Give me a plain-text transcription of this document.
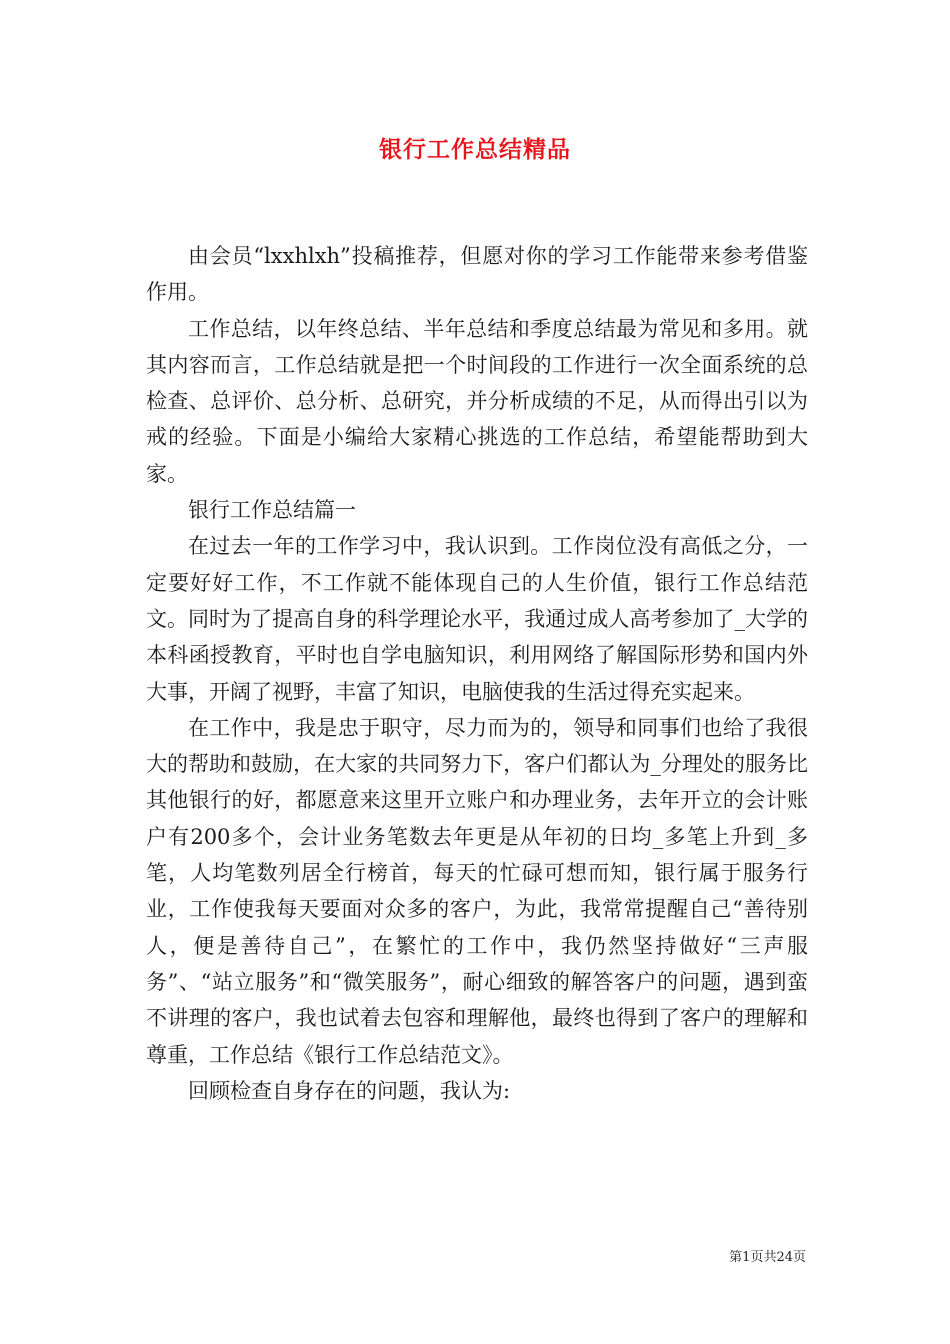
银行工作总结精品

由会员“lxxhlxh”投稿推荐，但愿对你的学习工作能带来参考借鉴作用。

工作总结，以年终总结、半年总结和季度总结最为常见和多用。就其内容而言，工作总结就是把一个时间段的工作进行一次全面系统的总检查、总评价、总分析、总研究，并分析成绩的不足，从而得出引以为戒的经验。下面是小编给大家精心挑选的工作总结，希望能帮助到大家。

银行工作总结篇一

在过去一年的工作学习中，我认识到。工作岗位没有高低之分，一定要好好工作，不工作就不能体现自己的人生价值，银行工作总结范文。同时为了提高自身的科学理论水平，我通过成人高考参加了_大学的本科函授教育，平时也自学电脑知识，利用网络了解国际形势和国内外大事，开阔了视野，丰富了知识，电脑使我的生活过得充实起来。

在工作中，我是忠于职守，尽力而为的，领导和同事们也给了我很大的帮助和鼓励，在大家的共同努力下，客户们都认为_分理处的服务比其他银行的好，都愿意来这里开立账户和办理业务，去年开立的会计账户有200多个，会计业务笔数去年更是从年初的日均_多笔上升到_多笔，人均笔数列居全行榜首，每天的忙碌可想而知，银行属于服务行业，工作使我每天要面对众多的客户，为此，我常常提醒自己“善待别人，便是善待自己”，在繁忙的工作中，我仍然坚持做好“三声服务”、“站立服务”和“微笑服务”，耐心细致的解答客户的问题，遇到蛮不讲理的客户，我也试着去包容和理解他，最终也得到了客户的理解和尊重，工作总结《银行工作总结范文》。

回顾检查自身存在的问题，我认为:

第1页共24页
